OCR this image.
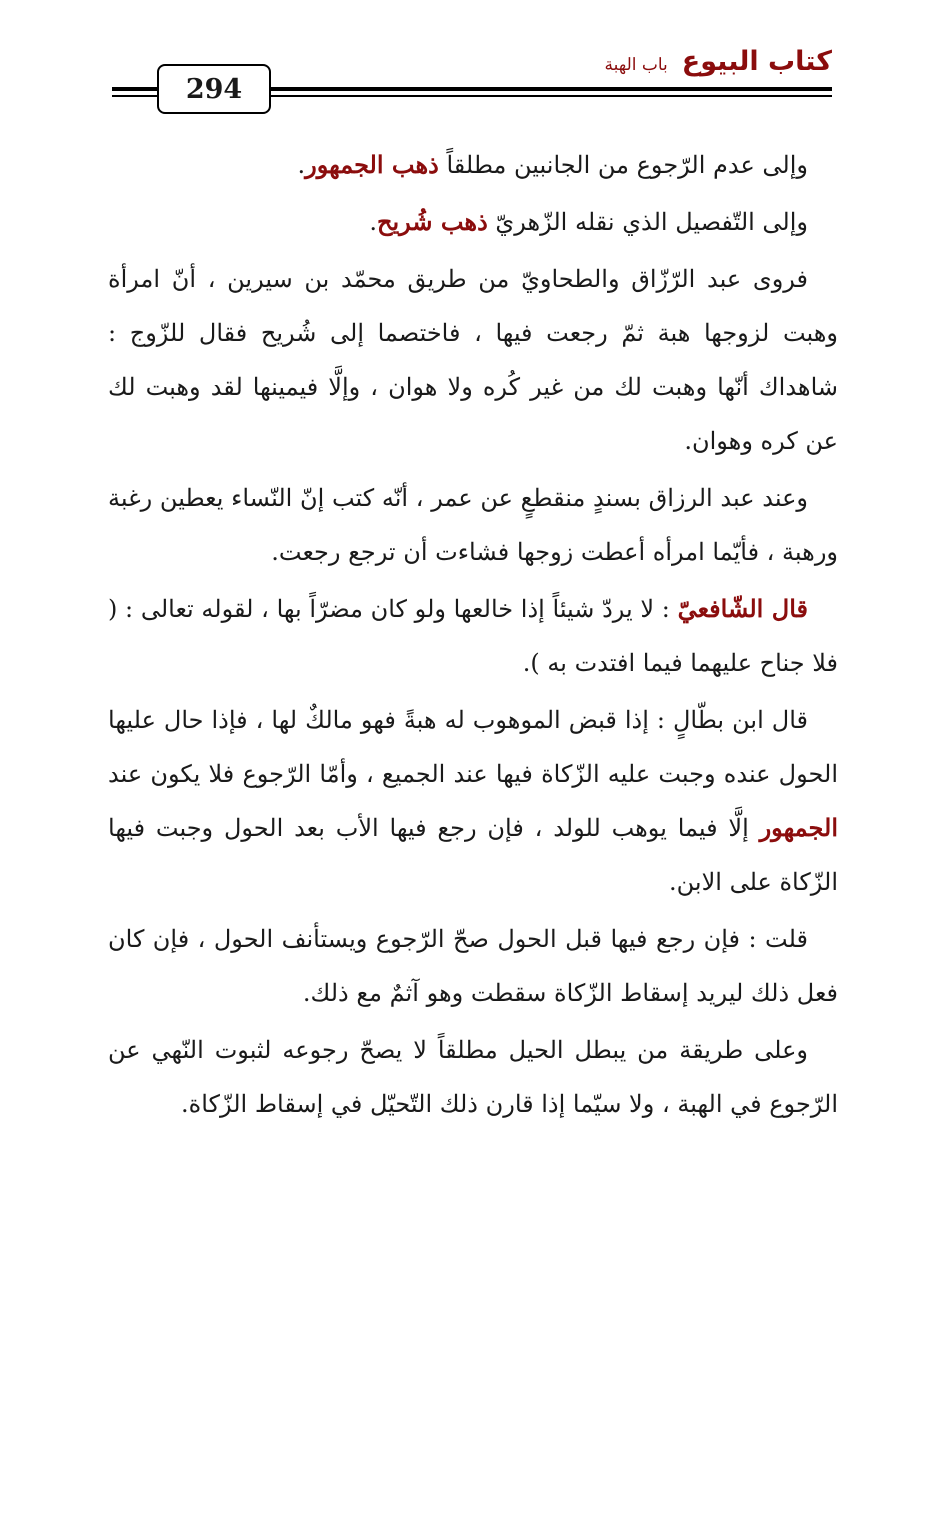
294
كتاب البيوع
باب الهبة

وإلى عدم الرّجوع من الجانبين مطلقاً ذهب الجمهور.

وإلى التّفصيل الذي نقله الزّهريّ ذهب شُريح.

فروى عبد الرّزّاق والطحاويّ من طريق محمّد بن سيرين ، أنّ امرأة وهبت لزوجها هبة ثمّ رجعت فيها ، فاختصما إلى شُريح فقال للزّوج : شاهداك أنّها وهبت لك من غير كُره ولا هوان ، وإلَّا فيمينها لقد وهبت لك عن كره وهوان.

وعند عبد الرزاق بسندٍ منقطعٍ عن عمر ، أنّه كتب إنّ النّساء يعطين رغبة ورهبة ، فأيّما امرأه أعطت زوجها فشاءت أن ترجع رجعت.

قال الشّافعيّ : لا يردّ شيئاً إذا خالعها ولو كان مضرّاً بها ، لقوله تعالى : ( فلا جناح عليهما فيما افتدت به ).

قال ابن بطّالٍ : إذا قبض الموهوب له هبةً فهو مالكٌ لها ، فإذا حال عليها الحول عنده وجبت عليه الزّكاة فيها عند الجميع ، وأمّا الرّجوع فلا يكون عند الجمهور إلَّا فيما يوهب للولد ، فإن رجع فيها الأب بعد الحول وجبت فيها الزّكاة على الابن.

قلت : فإن رجع فيها قبل الحول صحّ الرّجوع ويستأنف الحول ، فإن كان فعل ذلك ليريد إسقاط الزّكاة سقطت وهو آثمٌ مع ذلك.

وعلى طريقة من يبطل الحيل مطلقاً لا يصحّ رجوعه لثبوت النّهي عن الرّجوع في الهبة ، ولا سيّما إذا قارن ذلك التّحيّل في إسقاط الزّكاة.
